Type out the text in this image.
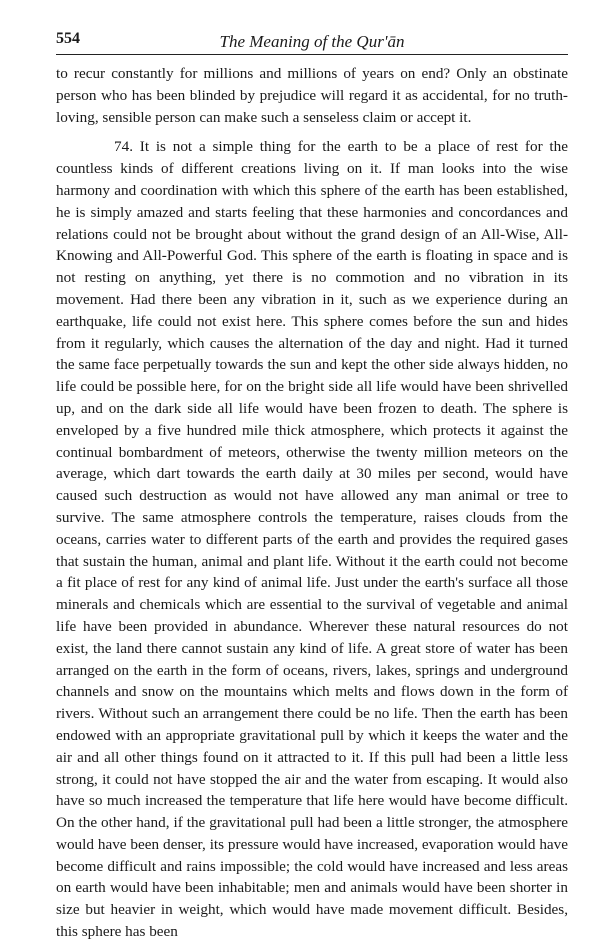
554	The Meaning of the Qur'ān

to recur constantly for millions and millions of years on end? Only an obstinate person who has been blinded by prejudice will regard it as accidental, for no truth-loving, sensible person can make such a senseless claim or accept it.

74. It is not a simple thing for the earth to be a place of rest for the countless kinds of different creations living on it. If man looks into the wise harmony and coordination with which this sphere of the earth has been established, he is simply amazed and starts feeling that these harmonies and concordances and relations could not be brought about without the grand design of an All-Wise, All-Knowing and All-Powerful God. This sphere of the earth is floating in space and is not resting on anything, yet there is no commotion and no vibration in its movement. Had there been any vibration in it, such as we experience during an earthquake, life could not exist here. This sphere comes before the sun and hides from it regularly, which causes the alternation of the day and night. Had it turned the same face perpetually towards the sun and kept the other side always hidden, no life could be possible here, for on the bright side all life would have been shrivelled up, and on the dark side all life would have been frozen to death. The sphere is enveloped by a five hundred mile thick atmosphere, which protects it against the continual bombardment of meteors, otherwise the twenty million meteors on the average, which dart towards the earth daily at 30 miles per second, would have caused such destruction as would not have allowed any man animal or tree to survive. The same atmosphere controls the temperature, raises clouds from the oceans, carries water to different parts of the earth and provides the required gases that sustain the human, animal and plant life. Without it the earth could not become a fit place of rest for any kind of animal life. Just under the earth's surface all those minerals and chemicals which are essential to the survival of vegetable and animal life have been provided in abundance. Wherever these natural resources do not exist, the land there cannot sustain any kind of life. A great store of water has been arranged on the earth in the form of oceans, rivers, lakes, springs and underground channels and snow on the mountains which melts and flows down in the form of rivers. Without such an arrangement there could be no life. Then the earth has been endowed with an appropriate gravitational pull by which it keeps the water and the air and all other things found on it attracted to it. If this pull had been a little less strong, it could not have stopped the air and the water from escaping. It would also have so much increased the temperature that life here would have become difficult. On the other hand, if the gravitational pull had been a little stronger, the atmosphere would have been denser, its pressure would have increased, evaporation would have become difficult and rains impossible; the cold would have increased and less areas on earth would have been inhabitable; men and animals would have been shorter in size but heavier in weight, which would have made movement difficult. Besides, this sphere has been
